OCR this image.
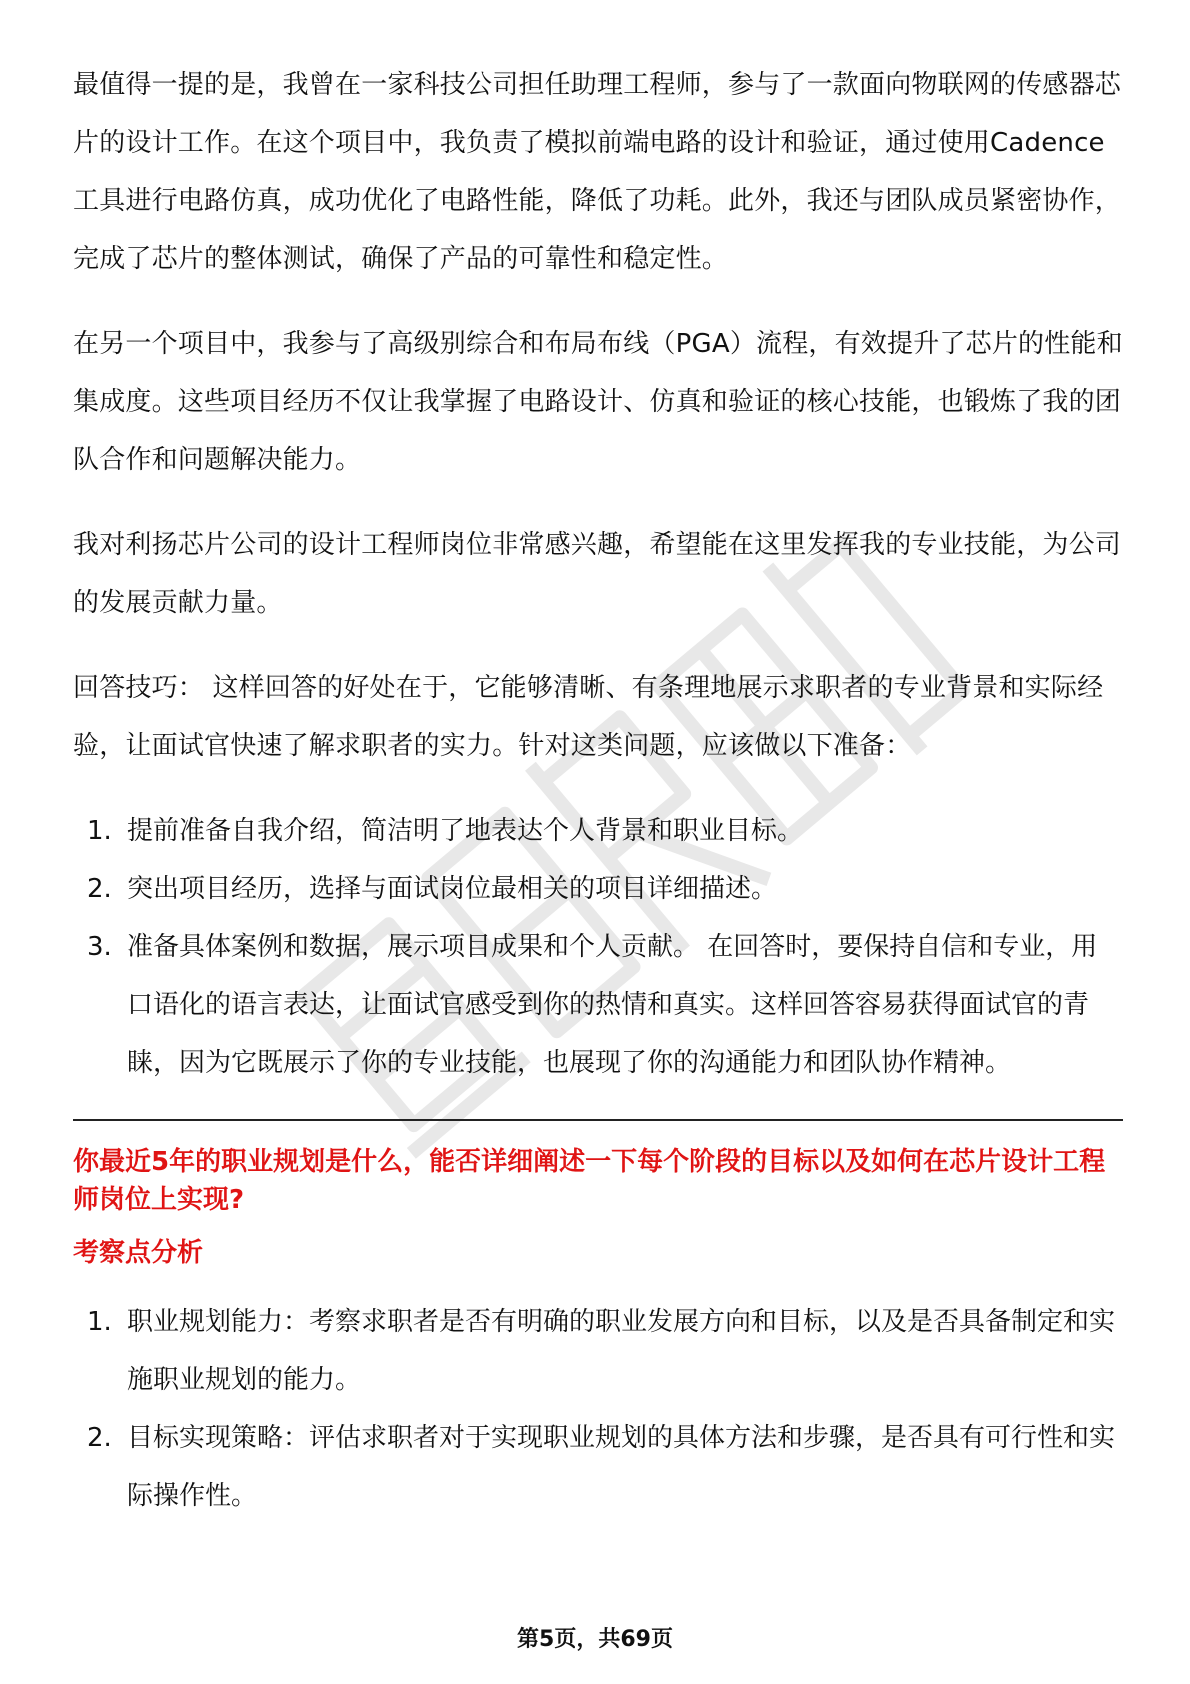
最值得一提的是，我曾在一家科技公司担任助理工程师，参与了一款面向物联网的传感器芯片的设计工作。在这个项目中，我负责了模拟前端电路的设计和验证，通过使用Cadence工具进行电路仿真，成功优化了电路性能，降低了功耗。此外，我还与团队成员紧密协作，完成了芯片的整体测试，确保了产品的可靠性和稳定性。

在另一个项目中，我参与了高级别综合和布局布线（PGA）流程，有效提升了芯片的性能和集成度。这些项目经历不仅让我掌握了电路设计、仿真和验证的核心技能，也锻炼了我的团队合作和问题解决能力。

我对利扬芯片公司的设计工程师岗位非常感兴趣，希望能在这里发挥我的专业技能，为公司的发展贡献力量。

回答技巧： 这样回答的好处在于，它能够清晰、有条理地展示求职者的专业背景和实际经验，让面试官快速了解求职者的实力。针对这类问题，应该做以下准备：

1. 提前准备自我介绍，简洁明了地表达个人背景和职业目标。
2. 突出项目经历，选择与面试岗位最相关的项目详细描述。
3. 准备具体案例和数据，展示项目成果和个人贡献。 在回答时，要保持自信和专业，用口语化的语言表达，让面试官感受到你的热情和真实。这样回答容易获得面试官的青睐，因为它既展示了你的专业技能，也展现了你的沟通能力和团队协作精神。
你最近5年的职业规划是什么，能否详细阐述一下每个阶段的目标以及如何在芯片设计工程师岗位上实现?
考察点分析
1. 职业规划能力：考察求职者是否有明确的职业发展方向和目标，以及是否具备制定和实施职业规划的能力。
2. 目标实现策略：评估求职者对于实现职业规划的具体方法和步骤，是否具有可行性和实际操作性。
第5页，共69页
